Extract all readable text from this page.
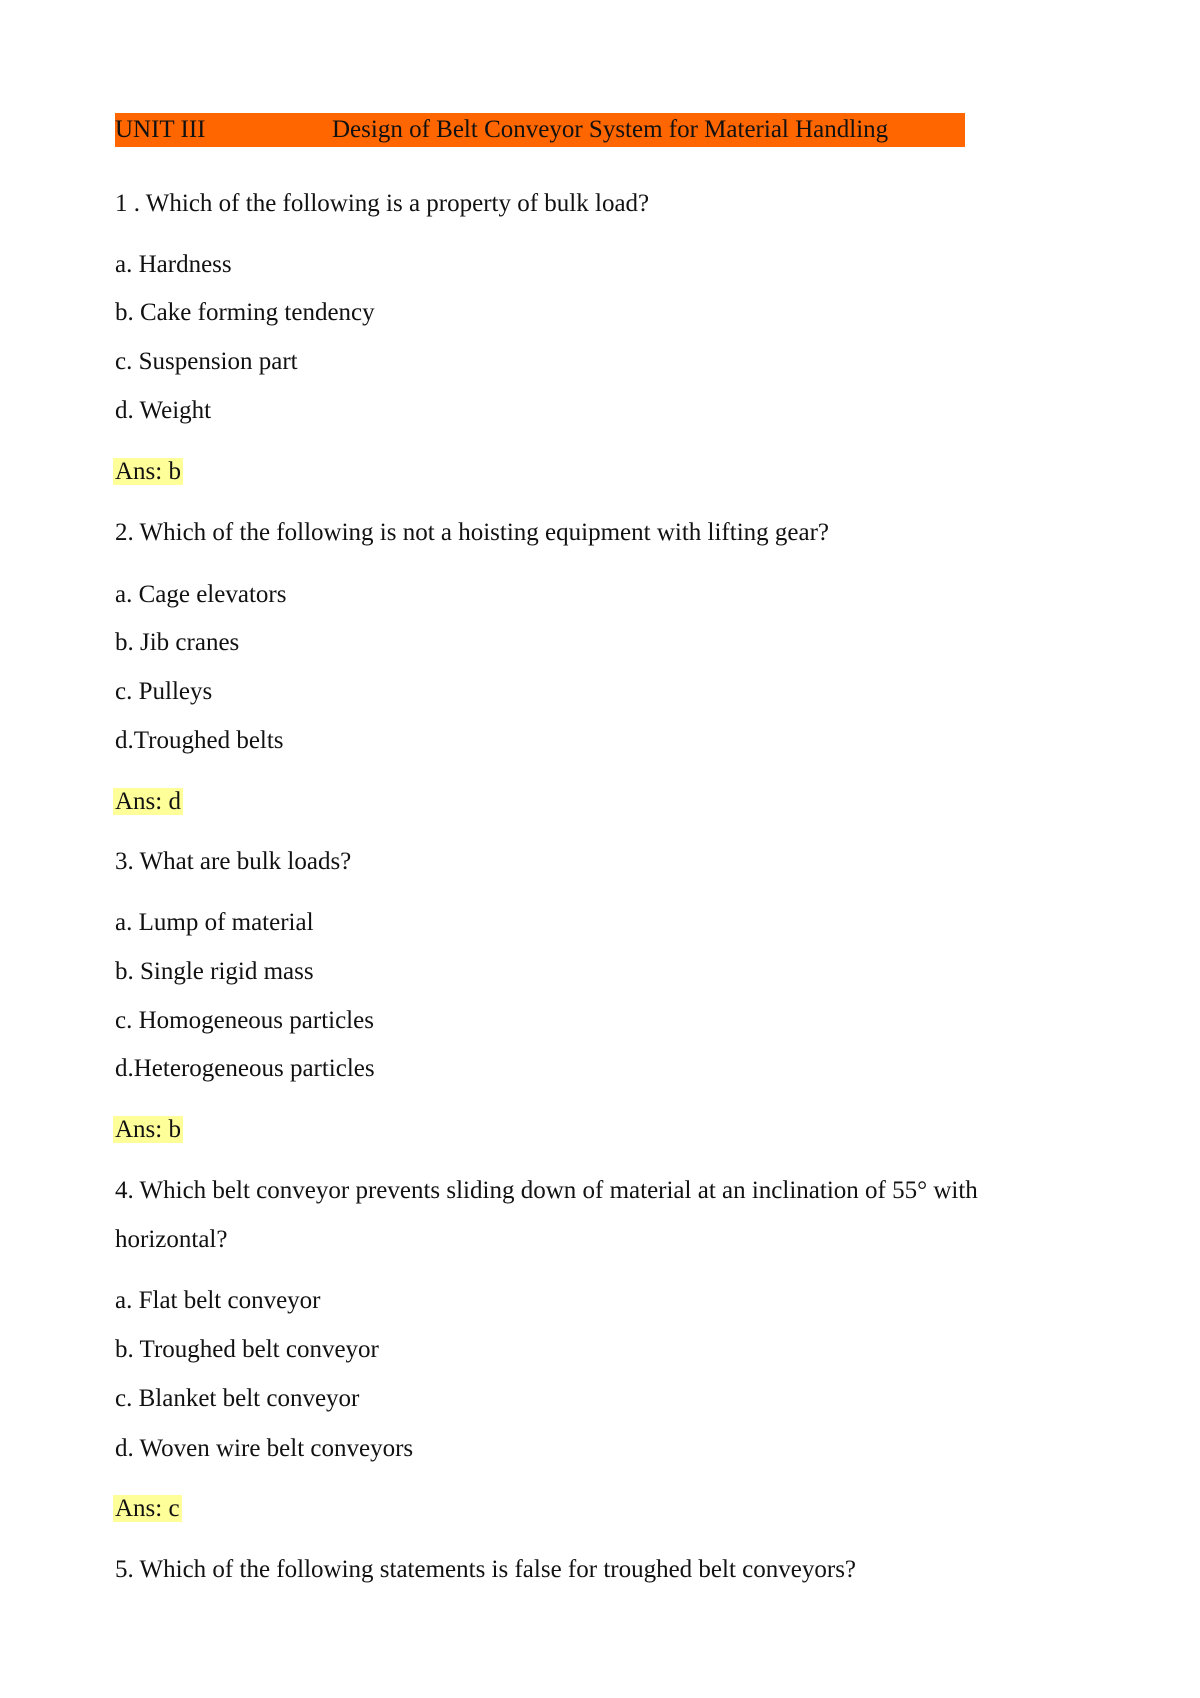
UNIT III	Design of Belt Conveyor System for Material Handling
1 . Which of the following is a property of bulk load?
a. Hardness
b. Cake forming tendency
c. Suspension part
d. Weight
Ans: b
2. Which of the following is not a hoisting equipment with lifting gear?
a. Cage elevators
b. Jib cranes
c. Pulleys
d.Troughed belts
Ans: d
3. What are bulk loads?
a. Lump of material
b. Single rigid mass
c. Homogeneous particles
d.Heterogeneous particles
Ans: b
4. Which belt conveyor prevents sliding down of material at an inclination of 55° with
horizontal?
a. Flat belt conveyor
b. Troughed belt conveyor
c. Blanket belt conveyor
d. Woven wire belt conveyors
Ans: c
5. Which of the following statements is false for troughed belt conveyors?
